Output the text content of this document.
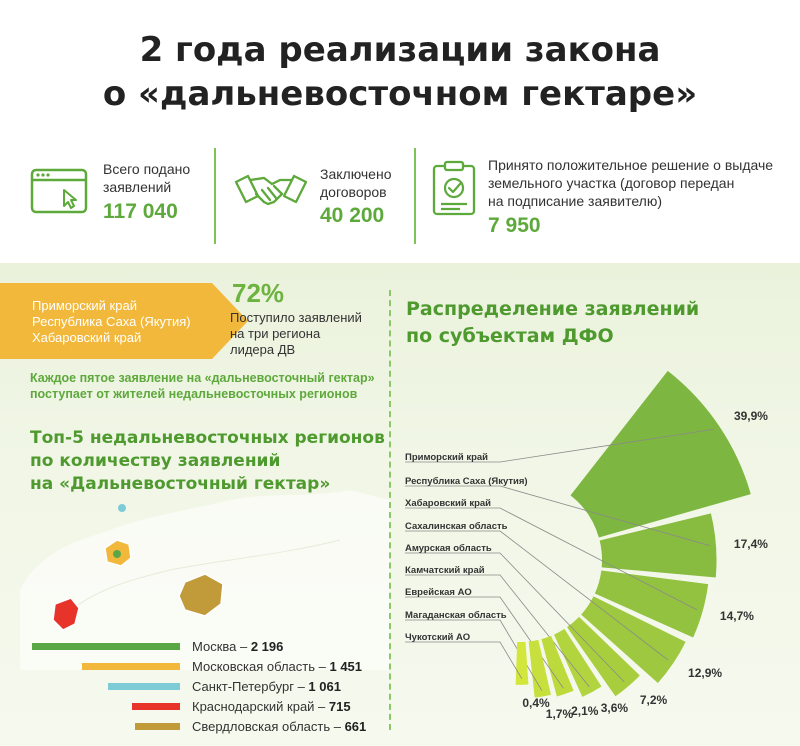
2 года реализации закона
о «дальневосточном гектаре»
Всего подано
заявлений
117 040
Заключено
договоров
40 200
Принято положительное решение о выдаче
земельного участка (договор передан
на подписание заявителю)
7 950
Приморский край
Республика Саха (Якутия)
Хабаровский край
72%
Поступило заявлений
на три региона
лидера ДВ
Каждое пятое заявление на «дальневосточный гектар»
поступает от жителей недальневосточных регионов
Топ-5 недальневосточных регионов
по количеству заявлений
на «Дальневосточный гектар»
Москва – 2 196
Московская область – 1 451
Санкт-Петербург – 1 061
Краснодарский край – 715
Свердловская область – 661
Распределение заявлений
по субъектам ДФО
Приморский край
39,9%
Республика Саха (Якутия)
17,4%
Хабаровский край
14,7%
Сахалинская область
12,9%
Амурская область
7,2%
Камчатский край
3,6%
Еврейская АО
2,1%
Магаданская область
1,7%
Чукотский АО
0,4%
